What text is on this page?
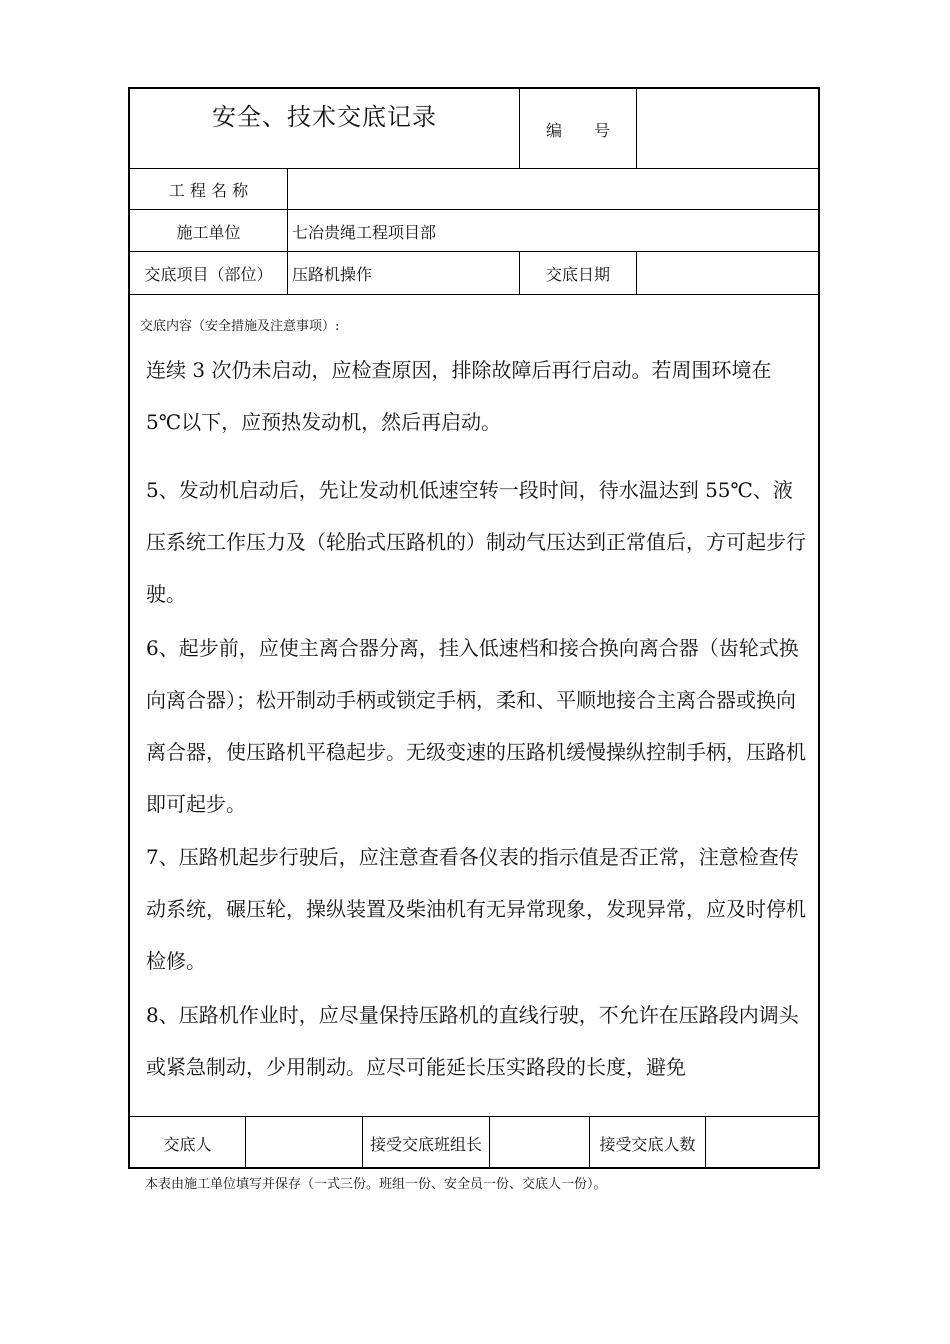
安全、技术交底记录	编　　号
工 程 名 称
施工单位	七冶贵绳工程项目部
交底项目（部位）	压路机操作	交底日期
交底内容（安全措施及注意事项）:

连续 3 次仍未启动，应检查原因，排除故障后再行启动。若周围环境在 5℃以下，应预热发动机，然后再启动。

5、发动机启动后，先让发动机低速空转一段时间，待水温达到 55℃、液压系统工作压力及（轮胎式压路机的）制动气压达到正常值后，方可起步行驶。

6、起步前，应使主离合器分离，挂入低速档和接合换向离合器（齿轮式换向离合器）；松开制动手柄或锁定手柄，柔和、平顺地接合主离合器或换向离合器，使压路机平稳起步。无级变速的压路机缓慢操纵控制手柄，压路机即可起步。

7、压路机起步行驶后，应注意查看各仪表的指示值是否正常，注意检查传动系统，碾压轮，操纵装置及柴油机有无异常现象，发现异常，应及时停机检修。

8、压路机作业时，应尽量保持压路机的直线行驶，不允许在压路段内调头或紧急制动，少用制动。应尽可能延长压实路段的长度，避免

交底人	接受交底班组长	接受交底人数
本表由施工单位填写并保存（一式三份。班组一份、安全员一份、交底人一份）。
